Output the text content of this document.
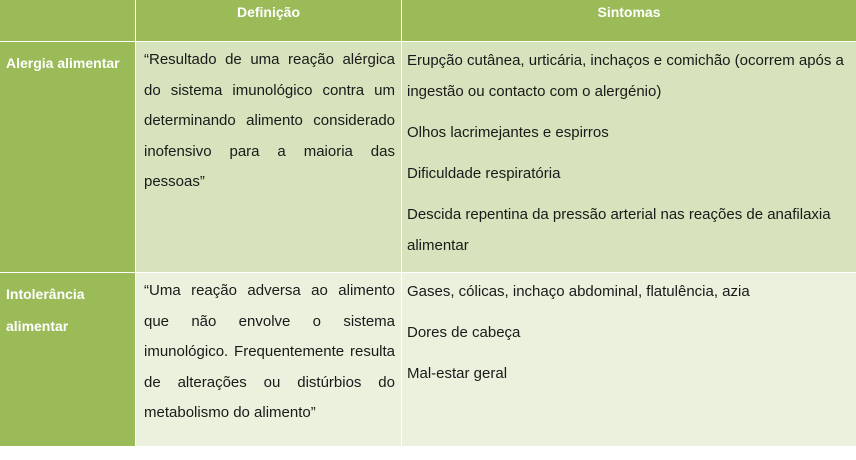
Definição	Sintomas
Alergia alimentar	“Resultado de uma reação alérgica do sistema imunológico contra um determinando alimento considerado inofensivo para a maioria das pessoas”

Erupção cutânea, urticária, inchaços e comichão (ocorrem após a ingestão ou contacto com o alergénio)

Olhos lacrimejantes e espirros

Dificuldade respiratória

Descida repentina da pressão arterial nas reações de anafilaxia alimentar

Intolerância alimentar
“Uma reação adversa ao alimento que não envolve o sistema imunológico. Frequentemente resulta de alterações ou distúrbios do metabolismo do alimento”

Gases, cólicas, inchaço abdominal, flatulência, azia

Dores de cabeça

Mal-estar geral
